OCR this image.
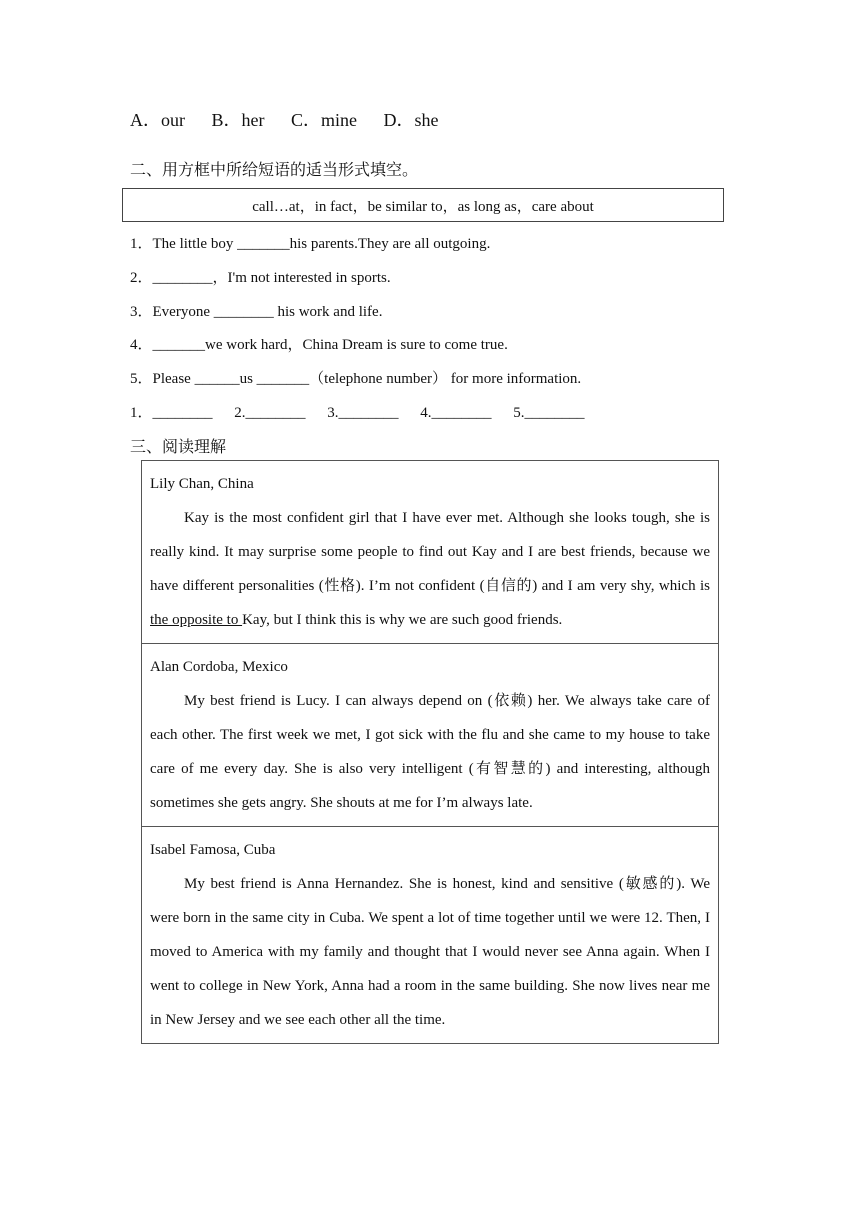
A．our B．her C．mine D．she
二、用方框中所给短语的适当形式填空。
call…at，in fact，be similar to，as long as，care about
1．The little boy _______his parents.They are all outgoing.
2．________，I'm not interested in sports.
3．Everyone ________ his work and life.
4．_______we work hard，China Dream is sure to come true.
5．Please ______us _______（telephone number） for more information.
1．________ 2.________ 3.________ 4.________ 5.________
三、阅读理解
Lily Chan, China
Kay is the most confident girl that I have ever met. Although she looks tough, she is really kind. It may surprise some people to find out Kay and I are best friends, because we have different personalities (性格). I’m not confident (自信的) and I am very shy, which is the opposite to Kay, but I think this is why we are such good friends.

Alan Cordoba, Mexico
My best friend is Lucy. I can always depend on (依赖) her. We always take care of each other. The first week we met, I got sick with the flu and she came to my house to take care of me every day. She is also very intelligent (有智慧的) and interesting, although sometimes she gets angry. She shouts at me for I’m always late.

Isabel Famosa, Cuba
My best friend is Anna Hernandez. She is honest, kind and sensitive (敏感的). We were born in the same city in Cuba. We spent a lot of time together until we were 12. Then, I moved to America with my family and thought that I would never see Anna again. When I went to college in New York, Anna had a room in the same building. She now lives near me in New Jersey and we see each other all the time.
